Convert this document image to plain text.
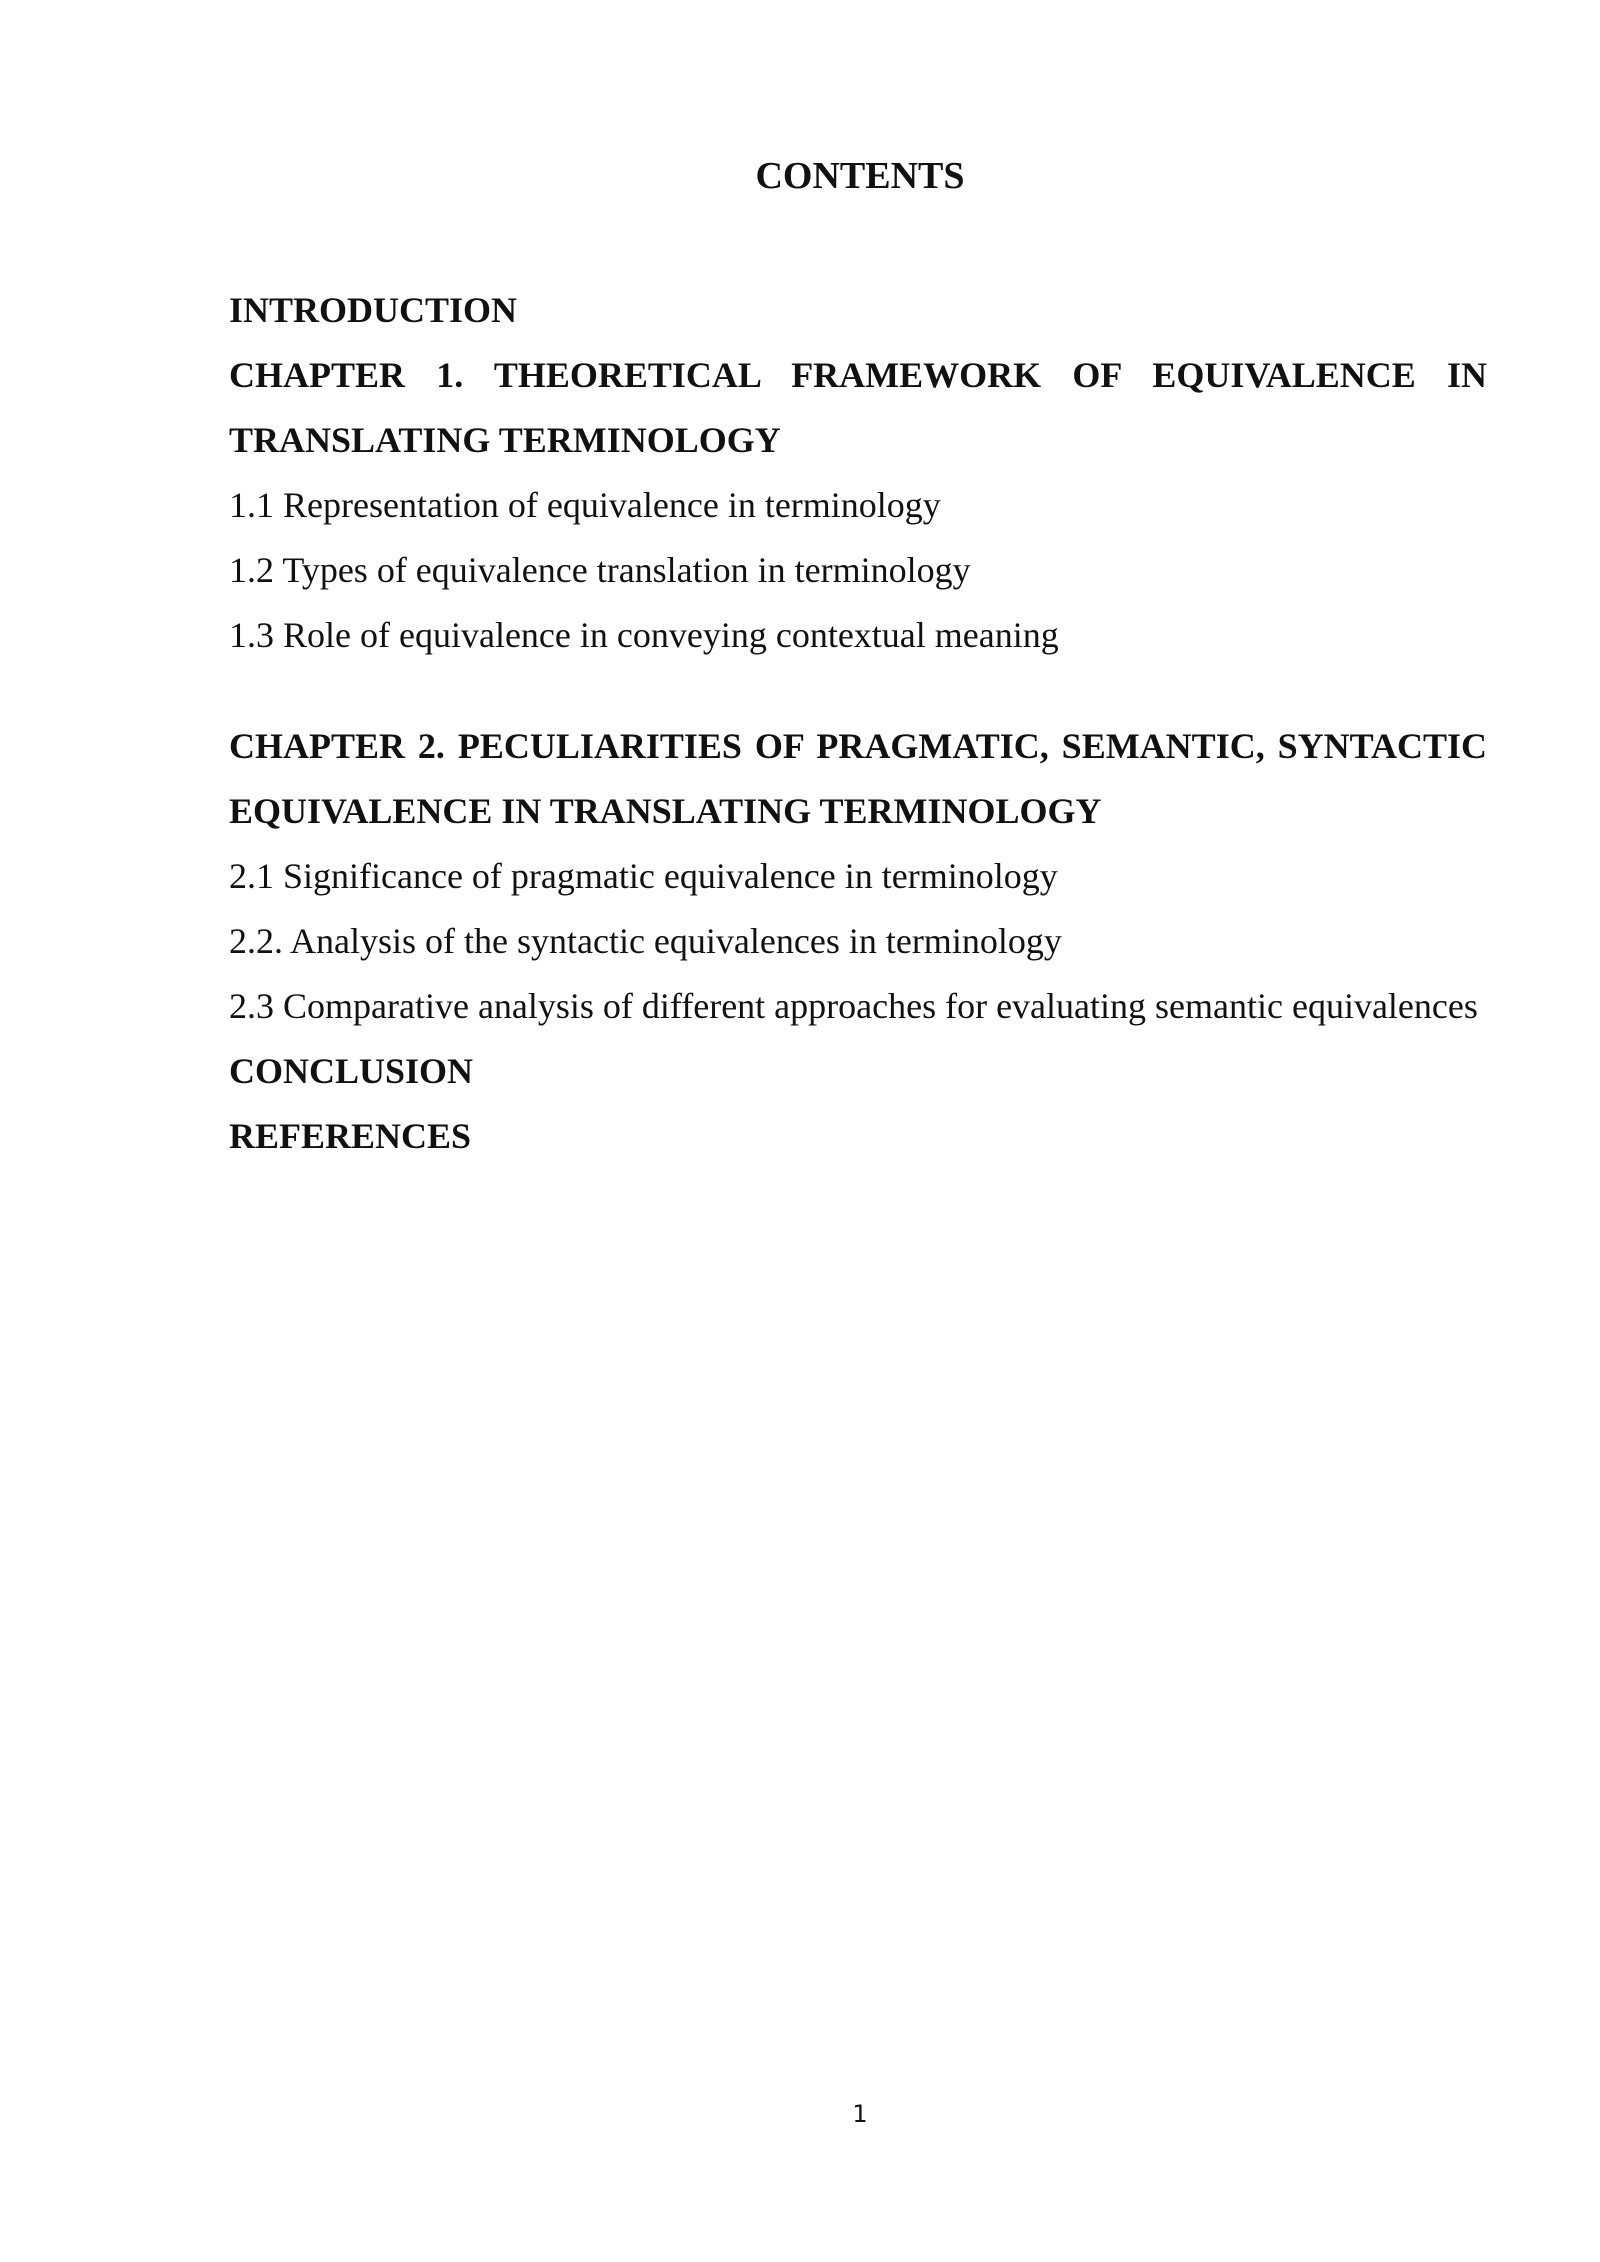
CONTENTS
INTRODUCTION
CHAPTER 1. THEORETICAL FRAMEWORK OF EQUIVALENCE IN TRANSLATING TERMINOLOGY
1.1 Representation of equivalence in terminology
1.2 Types of equivalence translation in terminology
1.3 Role of equivalence in conveying contextual meaning
CHAPTER 2. PECULIARITIES OF PRAGMATIC, SEMANTIC, SYNTACTIC EQUIVALENCE IN TRANSLATING TERMINOLOGY
2.1 Significance of pragmatic equivalence in terminology
2.2. Analysis of the syntactic equivalences in terminology
2.3 Comparative analysis of different approaches for evaluating semantic equivalences
CONCLUSION
REFERENCES
1
